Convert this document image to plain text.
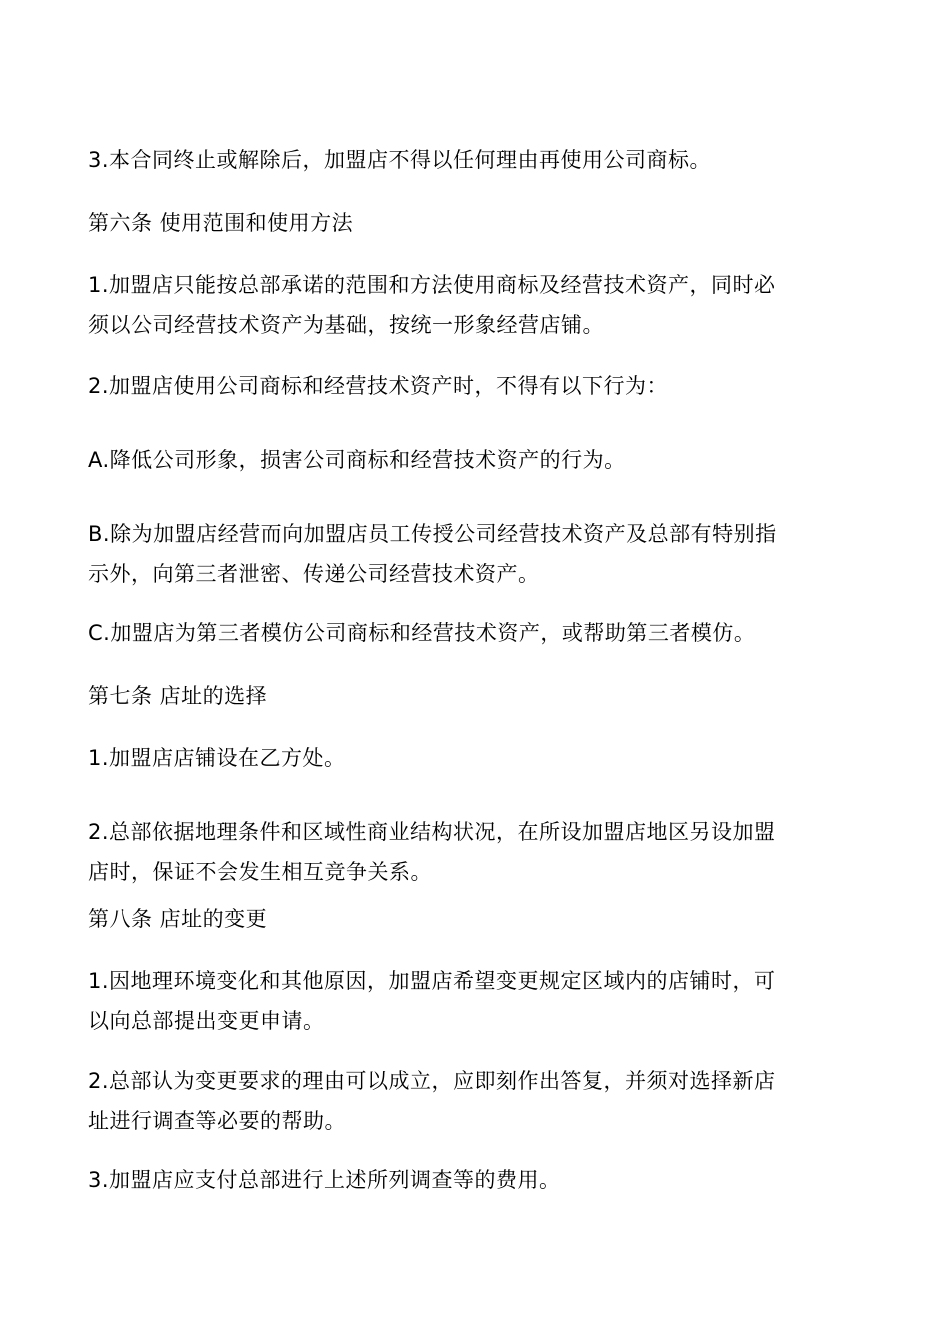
3.本合同终止或解除后，加盟店不得以任何理由再使用公司商标。
第六条 使用范围和使用方法
1.加盟店只能按总部承诺的范围和方法使用商标及经营技术资产，同时必
须以公司经营技术资产为基础，按统一形象经营店铺。
2.加盟店使用公司商标和经营技术资产时，不得有以下行为：
A.降低公司形象，损害公司商标和经营技术资产的行为。
B.除为加盟店经营而向加盟店员工传授公司经营技术资产及总部有特别指
示外，向第三者泄密、传递公司经营技术资产。
C.加盟店为第三者模仿公司商标和经营技术资产，或帮助第三者模仿。
第七条 店址的选择
1.加盟店店铺设在乙方处。
2.总部依据地理条件和区域性商业结构状况，在所设加盟店地区另设加盟
店时，保证不会发生相互竞争关系。
第八条 店址的变更
1.因地理环境变化和其他原因，加盟店希望变更规定区域内的店铺时，可
以向总部提出变更申请。
2.总部认为变更要求的理由可以成立，应即刻作出答复，并须对选择新店
址进行调查等必要的帮助。
3.加盟店应支付总部进行上述所列调查等的费用。
